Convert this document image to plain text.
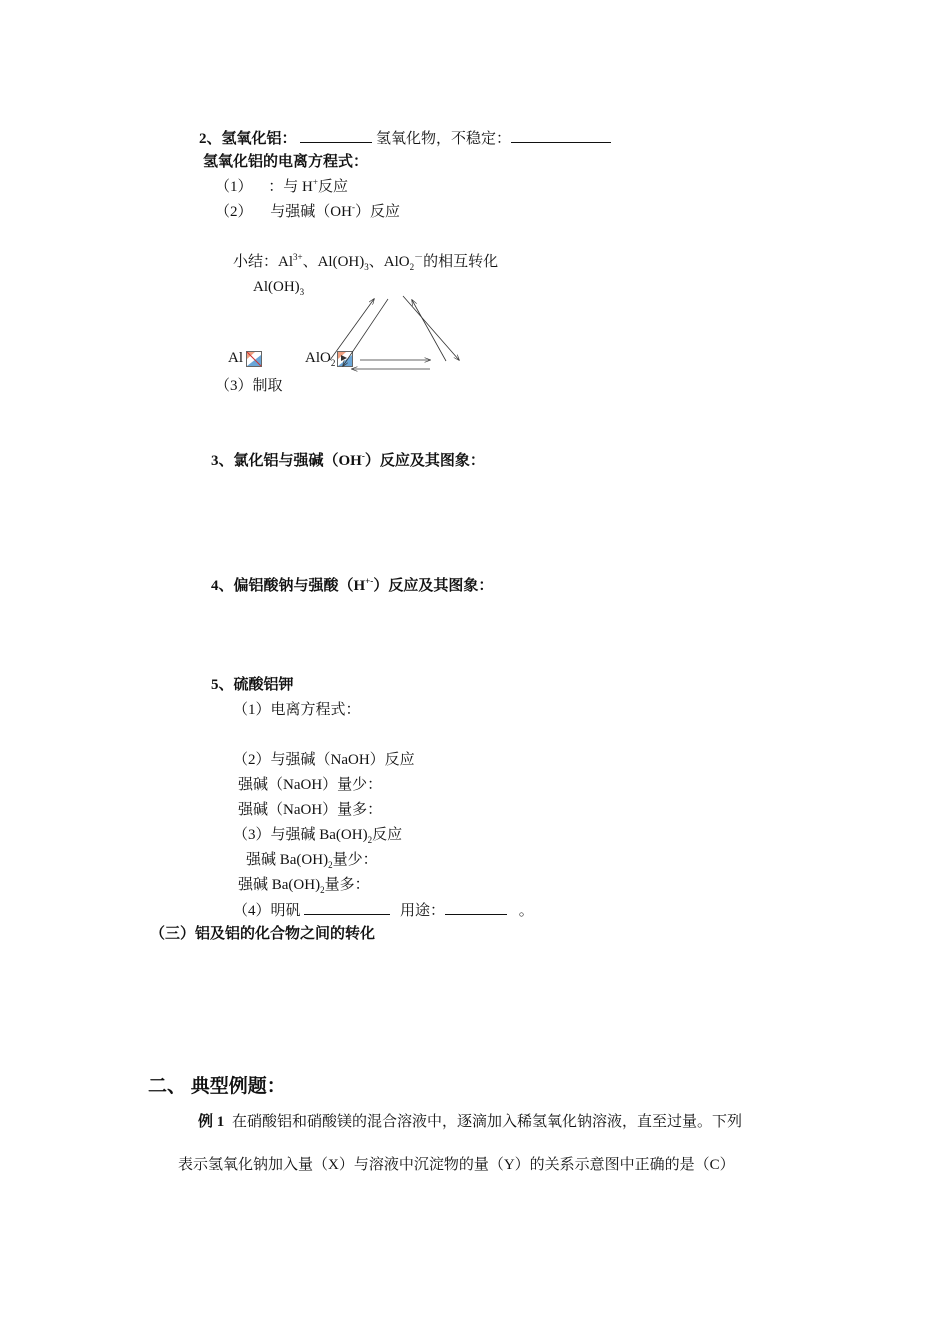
2、氢氧化铝：	氢氧化物，不稳定：
氢氧化铝的电离方程式：
（1） ：与 H+反应
（2） 与强碱（OH-）反应
小结：$Al^{3+}$、$Al(OH)_3$、AlO$_2$－的相互转化
$Al(OH)_3$
Al	AlO$_2$
（3）制取
3、氯化铝与强碱（OH-）反应及其图象：
4、偏铝酸钠与强酸（H+-）反应及其图象：
5、硫酸铝钾
（1）电离方程式：
（2）与强碱（NaOH）反应
强碱（NaOH）量少：
强碱（NaOH）量多：
（3）与强碱 $Ba(OH)_2$反应
强碱 $Ba(OH)_2$量少：
强碱 $Ba(OH)_2$量多：
（4）明矾	用途：	。
（三）铝及铝的化合物之间的转化
二、 典型例题：
例 1 在硝酸铝和硝酸镁的混合溶液中，逐滴加入稀氢氧化钠溶液，直至过量。下列
表示氢氧化钠加入量（X）与溶液中沉淀物的量（Y）的关系示意图中正确的是（C）
